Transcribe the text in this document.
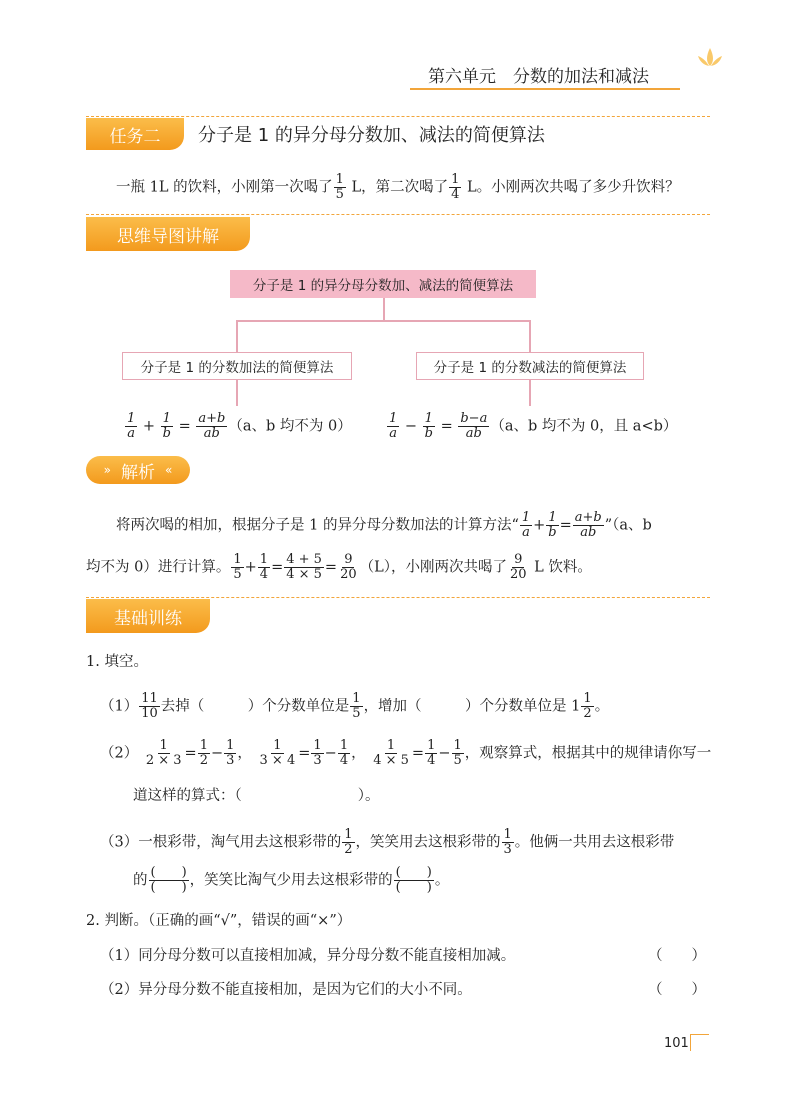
第六单元　分数的加法和减法
任务二	分子是 1 的异分母分数加、减法的简便算法
一瓶 1L 的饮料，小刚第一次喝了 $\frac{1}{5}$ L，第二次喝了 $\frac{1}{4}$ L。小刚两次共喝了多少升饮料？
思维导图讲解
分子是 1 的异分母分数加、减法的简便算法
分子是 1 的分数加法的简便算法	分子是 1 的分数减法的简便算法
$\frac{1}{a} + \frac{1}{b} = \frac{a+b}{ab} (a$、b 均不为 0）	$\frac{1}{a} - \frac{1}{b} = \frac{b-a}{ab} (a$、b 均不为 0，且 a<b）
» 解析 «
将两次喝的相加，根据分子是 1 的异分母分数加法的计算方法“ $\frac{1}{a} + \frac{1}{b} = \frac{a+b}{ab}$ ”（a、b
均不为 0）进行计算。 $\frac{1}{5} + \frac{1}{4} = \frac{4 + 5}{4 \times 5} = \frac{9}{20} (L)$，小刚两次共喝了 $\frac{9}{20}$ L 饮料。
基础训练
1. 填空。
$(1) \frac{11}{10}$ 去掉（　　　）个分数单位是 $\frac{1}{5}$ ，增加（　　　）个分数单位是 $1 \frac{1}{2}$ 。
$(2) \frac{1}{2 \times 3} = \frac{1}{2} - \frac{1}{3}$ ， $\frac{1}{3 \times 4} = \frac{1}{3} - \frac{1}{4}$ ， $\frac{1}{4 \times 5} = \frac{1}{4} - \frac{1}{5}$ ，观察算式，根据其中的规律请你写一
道这样的算式：（　　　　　　　　）。
（3）一根彩带，淘气用去这根彩带的 $\frac{1}{2}$ ，笑笑用去这根彩带的 $\frac{1}{3}$ 。他俩一共用去这根彩带
的 $\frac{( )}{( )}$ ，笑笑比淘气少用去这根彩带的 $\frac{( )}{( )}$ 。
2. 判断。（正确的画“√”，错误的画“×”）
（1）同分母分数可以直接相加减，异分母分数不能直接相加减。	（　　）
（2）异分母分数不能直接相加，是因为它们的大小不同。	（　　）
101
